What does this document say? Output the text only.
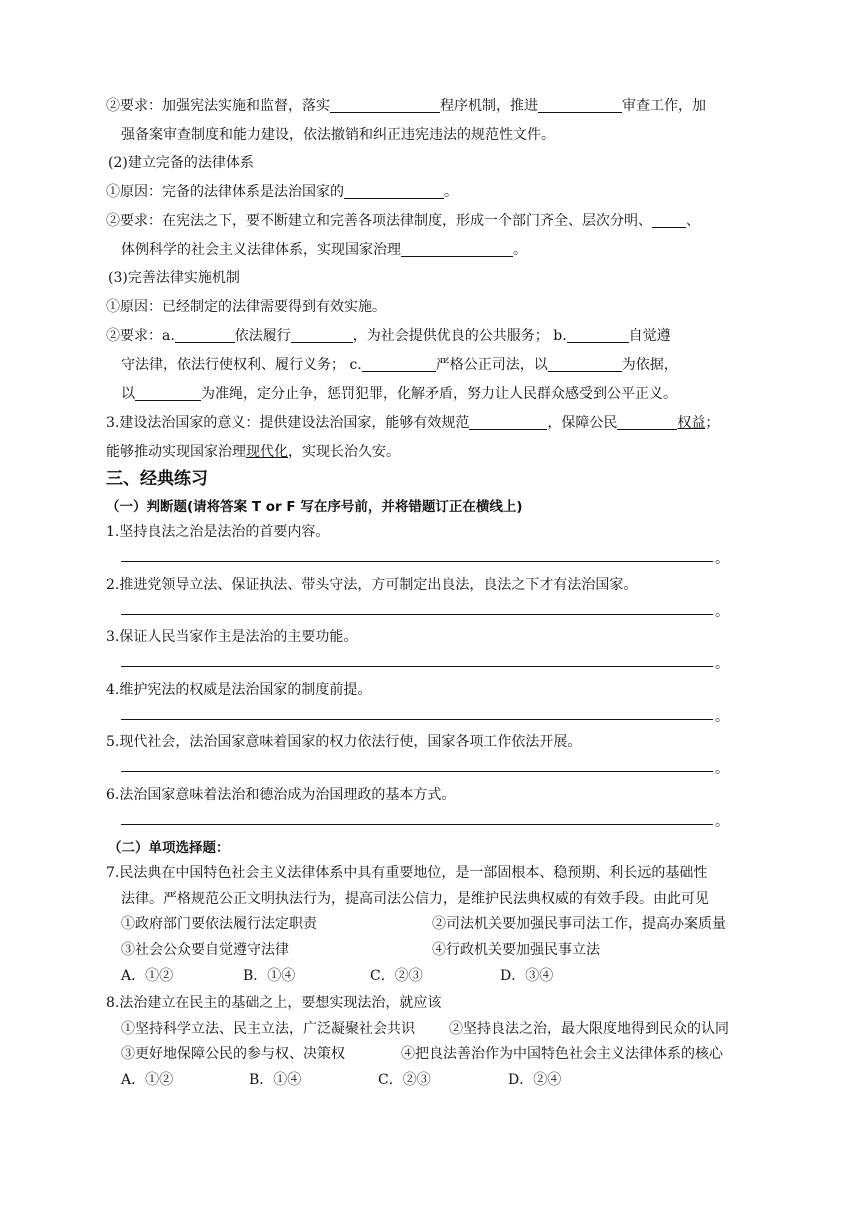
②要求：加强宪法实施和监督，落实	程序机制，推进	审查工作，加
强备案审查制度和能力建设，依法撤销和纠正违宪违法的规范性文件。
(2)建立完备的法律体系
①原因：完备的法律体系是法治国家的	。
②要求：在宪法之下，要不断建立和完善各项法律制度，形成一个部门齐全、层次分明、 、
体例科学的社会主义法律体系，实现国家治理	。
(3)完善法律实施机制
①原因：已经制定的法律需要得到有效实施。
②要求：a.	依法履行	，为社会提供优良的公共服务； b.	自觉遵
守法律，依法行使权利、履行义务； c.	严格公正司法，以	为依据，
以	为准绳，定分止争，惩罚犯罪，化解矛盾，努力让人民群众感受到公平正义。
3.建设法治国家的意义：提供建设法治国家，能够有效规范	，保障公民	权益；
能够推动实现国家治理现代化，实现长治久安。
三、经典练习
（一）判断题(请将答案 T or F 写在序号前，并将错题订正在横线上)
1.坚持良法之治是法治的首要内容。
。
2.推进党领导立法、保证执法、带头守法，方可制定出良法，良法之下才有法治国家。
。
3.保证人民当家作主是法治的主要功能。
。
4.维护宪法的权威是法治国家的制度前提。
。
5.现代社会，法治国家意味着国家的权力依法行使，国家各项工作依法开展。
。
6.法治国家意味着法治和德治成为治国理政的基本方式。
。
（二）单项选择题：
7.民法典在中国特色社会主义法律体系中具有重要地位，是一部固根本、稳预期、利长远的基础性
法律。严格规范公正文明执法行为，提高司法公信力，是维护民法典权威的有效手段。由此可见
①政府部门要依法履行法定职责	②司法机关要加强民事司法工作，提高办案质量
③社会公众要自觉遵守法律	④行政机关要加强民事立法
A．①②	B．①④	C．②③	D．③④
8.法治建立在民主的基础之上，要想实现法治，就应该
①坚持科学立法、民主立法，广泛凝聚社会共识 ②坚持良法之治，最大限度地得到民众的认同
③更好地保障公民的参与权、决策权	④把良法善治作为中国特色社会主义法律体系的核心
A．①②	B．①④	C．②③	D．②④
